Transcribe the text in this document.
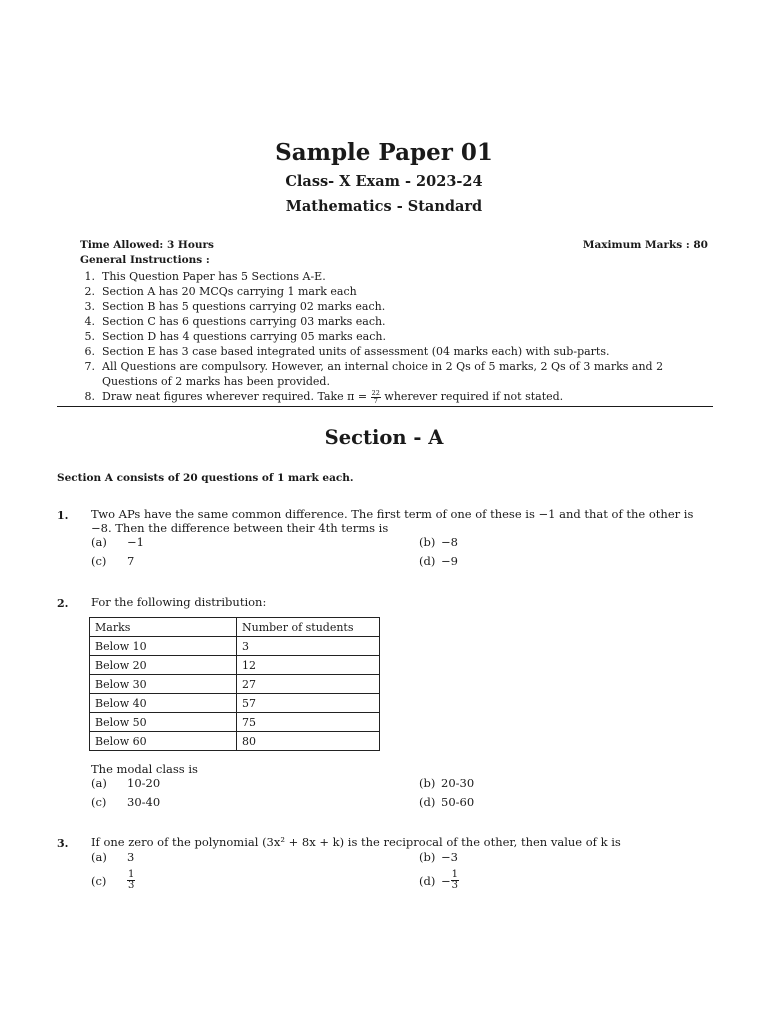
Sample Paper 01
Class- X Exam - 2023-24
Mathematics - Standard
Time Allowed: 3 Hours	Maximum Marks : 80
General Instructions :
1. This Question Paper has 5 Sections A-E.
2. Section A has 20 MCQs carrying 1 mark each
3. Section B has 5 questions carrying 02 marks each.
4. Section C has 6 questions carrying 03 marks each.
5. Section D has 4 questions carrying 05 marks each.
6. Section E has 3 case based integrated units of assessment (04 marks each) with sub-parts.
7. All Questions are compulsory. However, an internal choice in 2 Qs of 5 marks, 2 Qs of 3 marks and 2 Questions of 2 marks has been provided.
8. Draw neat figures wherever required. Take $\pi = \frac{22}{7}$ wherever required if not stated.
Section - A
Section A consists of 20 questions of 1 mark each.
1. Two APs have the same common difference. The first term of one of these is −1 and that of the other is −8. Then the difference between their 4th terms is
(a)	−1	(b) −8
(c)	7	(d) −9
2. For the following distribution:
Marks	Number of students
Below 10	3
Below 20	12
Below 30	27
Below 40	57
Below 50	75
Below 60	80
The modal class is
(a)	10-20	(b) 20-30
(c)	30-40	(d) 50-60
3. If one zero of the polynomial (3x² + 8x + k) is the reciprocal of the other, then value of k is
(a)	3	(b) −3
(c)	$\frac{1}{3}$	$(d) - \frac{1}{3}$
